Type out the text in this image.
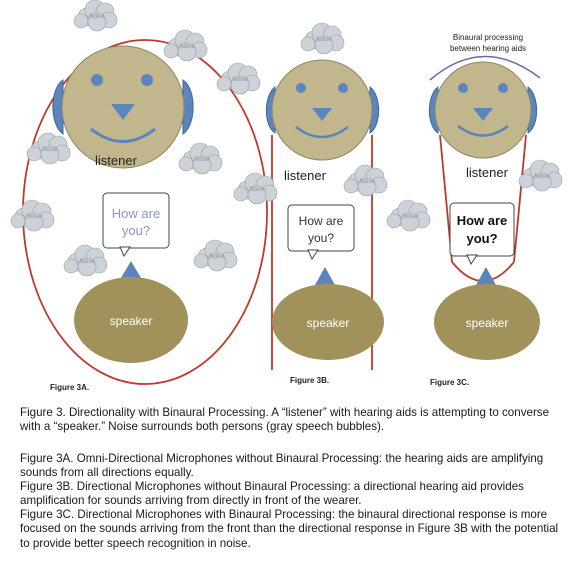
listener
How are
you?
speaker
Figure 3A.
listener
How are
you?
speaker
Figure 3B.
Binaural processing
between hearing aids
listener
How are
you?
speaker
Figure 3C.
Noise
Noise
Noise
Noise
Noise
Noise
Noise
Noise
Noise
Noise
Noise
Noise
Noise
Figure 3. Directionality with Binaural Processing. A “listener” with hearing aids is attempting to converse with a “speaker.” Noise surrounds both persons (gray speech bubbles).
Figure 3A. Omni-Directional Microphones without Binaural Processing: the hearing aids are amplifying sounds from all directions equally.
Figure 3B. Directional Microphones without Binaural Processing: a directional hearing aid provides amplification for sounds arriving from directly in front of the wearer.
Figure 3C. Directional Microphones with Binaural Processing: the binaural directional response is more focused on the sounds arriving from the front than the directional response in Figure 3B with the potential to provide better speech recognition in noise.
